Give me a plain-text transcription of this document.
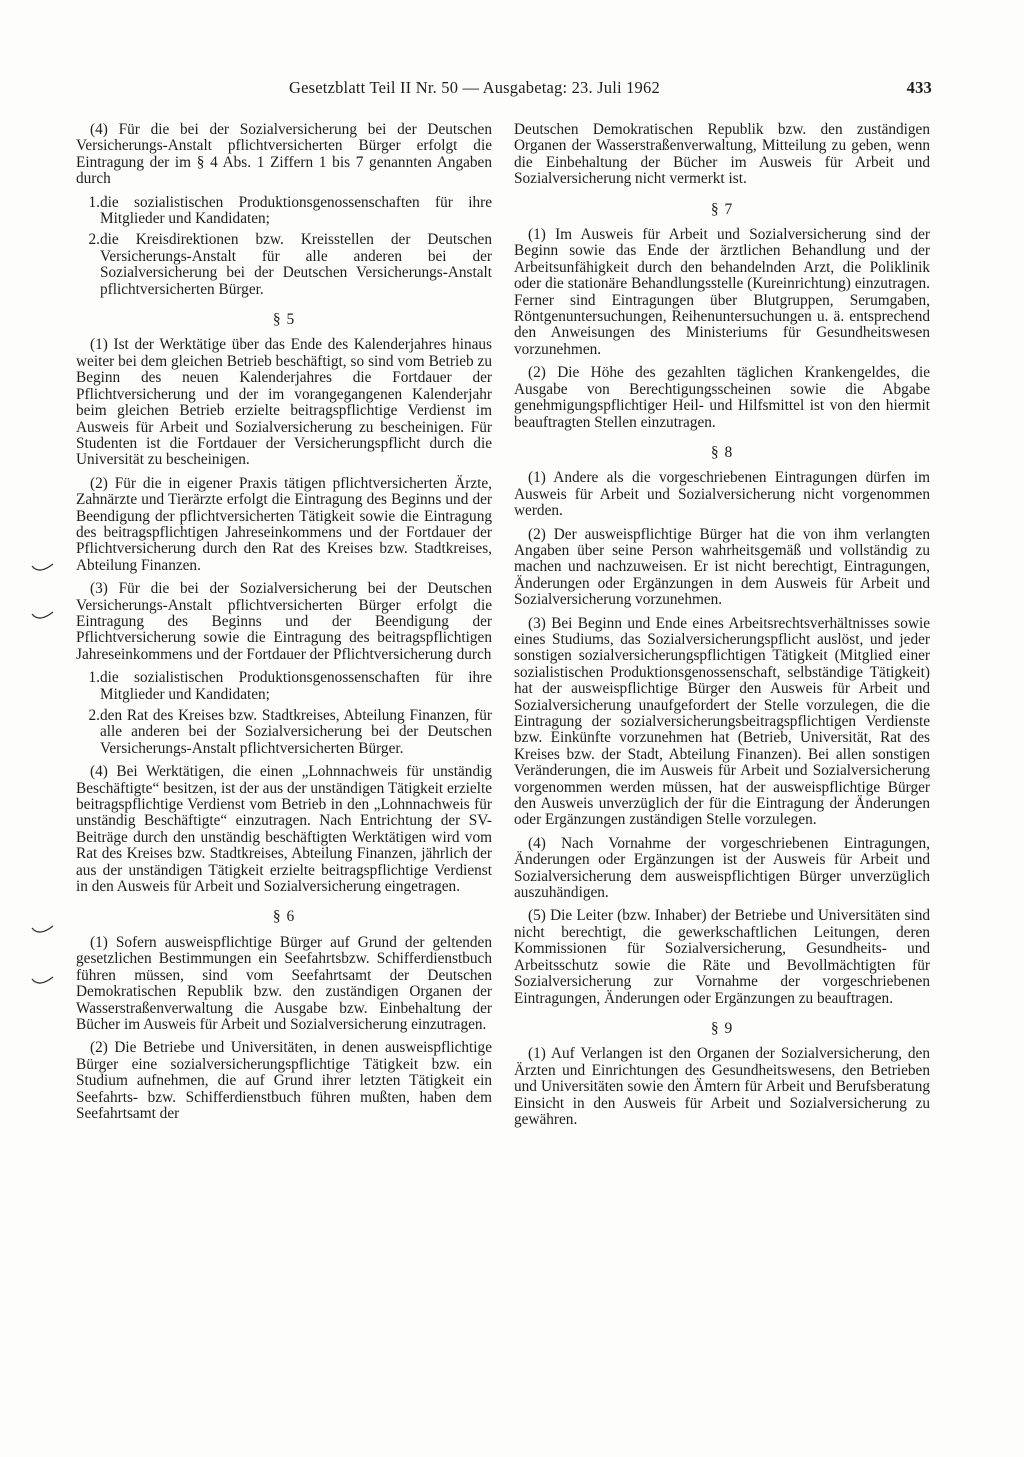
Gesetzblatt Teil II Nr. 50 — Ausgabetag: 23. Juli 1962	433

(4) Für die bei der Sozialversicherung bei der Deutschen Versicherungs-Anstalt pflichtversicherten Bürger erfolgt die Eintragung der im § 4 Abs. 1 Ziffern 1 bis 7 genannten Angaben durch

1. die sozialistischen Produktionsgenossenschaften für ihre Mitglieder und Kandidaten;
2. die Kreisdirektionen bzw. Kreisstellen der Deutschen Versicherungs-Anstalt für alle anderen bei der Sozialversicherung bei der Deutschen Versicherungs-Anstalt pflichtversicherten Bürger.
§ 5

(1) Ist der Werktätige über das Ende des Kalenderjahres hinaus weiter bei dem gleichen Betrieb beschäftigt, so sind vom Betrieb zu Beginn des neuen Kalenderjahres die Fortdauer der Pflichtversicherung und der im vorangegangenen Kalenderjahr beim gleichen Betrieb erzielte beitragspflichtige Verdienst im Ausweis für Arbeit und Sozialversicherung zu bescheinigen. Für Studenten ist die Fortdauer der Versicherungspflicht durch die Universität zu bescheinigen.

(2) Für die in eigener Praxis tätigen pflichtversicherten Ärzte, Zahnärzte und Tierärzte erfolgt die Eintragung des Beginns und der Beendigung der pflichtversicherten Tätigkeit sowie die Eintragung des beitragspflichtigen Jahreseinkommens und der Fortdauer der Pflichtversicherung durch den Rat des Kreises bzw. Stadtkreises, Abteilung Finanzen.

(3) Für die bei der Sozialversicherung bei der Deutschen Versicherungs-Anstalt pflichtversicherten Bürger erfolgt die Eintragung des Beginns und der Beendigung der Pflichtversicherung sowie die Eintragung des beitragspflichtigen Jahreseinkommens und der Fortdauer der Pflichtversicherung durch

1. die sozialistischen Produktionsgenossenschaften für ihre Mitglieder und Kandidaten;
2. den Rat des Kreises bzw. Stadtkreises, Abteilung Finanzen, für alle anderen bei der Sozialversicherung bei der Deutschen Versicherungs-Anstalt pflichtversicherten Bürger.

(4) Bei Werktätigen, die einen „Lohnnachweis für unständig Beschäftigte“ besitzen, ist der aus der unständigen Tätigkeit erzielte beitragspflichtige Verdienst vom Betrieb in den „Lohnnachweis für unständig Beschäftigte“ einzutragen. Nach Entrichtung der SV-Beiträge durch den unständig beschäftigten Werktätigen wird vom Rat des Kreises bzw. Stadtkreises, Abteilung Finanzen, jährlich der aus der unständigen Tätigkeit erzielte beitragspflichtige Verdienst in den Ausweis für Arbeit und Sozialversicherung eingetragen.

§ 6

(1) Sofern ausweispflichtige Bürger auf Grund der geltenden gesetzlichen Bestimmungen ein Seefahrtsbzw. Schifferdienstbuch führen müssen, sind vom Seefahrtsamt der Deutschen Demokratischen Republik bzw. den zuständigen Organen der Wasserstraßenverwaltung die Ausgabe bzw. Einbehaltung der Bücher im Ausweis für Arbeit und Sozialversicherung einzutragen.

(2) Die Betriebe und Universitäten, in denen ausweispflichtige Bürger eine sozialversicherungspflichtige Tätigkeit bzw. ein Studium aufnehmen, die auf Grund ihrer letzten Tätigkeit ein Seefahrts- bzw. Schifferdienstbuch führen mußten, haben dem Seefahrtsamt der

Deutschen Demokratischen Republik bzw. den zuständigen Organen der Wasserstraßenverwaltung, Mitteilung zu geben, wenn die Einbehaltung der Bücher im Ausweis für Arbeit und Sozialversicherung nicht vermerkt ist.

§ 7

(1) Im Ausweis für Arbeit und Sozialversicherung sind der Beginn sowie das Ende der ärztlichen Behandlung und der Arbeitsunfähigkeit durch den behandelnden Arzt, die Poliklinik oder die stationäre Behandlungsstelle (Kureinrichtung) einzutragen. Ferner sind Eintragungen über Blutgruppen, Serumgaben, Röntgenuntersuchungen, Reihenuntersuchungen u. ä. entsprechend den Anweisungen des Ministeriums für Gesundheitswesen vorzunehmen.

(2) Die Höhe des gezahlten täglichen Krankengeldes, die Ausgabe von Berechtigungsscheinen sowie die Abgabe genehmigungspflichtiger Heil- und Hilfsmittel ist von den hiermit beauftragten Stellen einzutragen.

§ 8

(1) Andere als die vorgeschriebenen Eintragungen dürfen im Ausweis für Arbeit und Sozialversicherung nicht vorgenommen werden.

(2) Der ausweispflichtige Bürger hat die von ihm verlangten Angaben über seine Person wahrheitsgemäß und vollständig zu machen und nachzuweisen. Er ist nicht berechtigt, Eintragungen, Änderungen oder Ergänzungen in dem Ausweis für Arbeit und Sozialversicherung vorzunehmen.

(3) Bei Beginn und Ende eines Arbeitsrechtsverhältnisses sowie eines Studiums, das Sozialversicherungspflicht auslöst, und jeder sonstigen sozialversicherungspflichtigen Tätigkeit (Mitglied einer sozialistischen Produktionsgenossenschaft, selbständige Tätigkeit) hat der ausweispflichtige Bürger den Ausweis für Arbeit und Sozialversicherung unaufgefordert der Stelle vorzulegen, die die Eintragung der sozialversicherungsbeitragspflichtigen Verdienste bzw. Einkünfte vorzunehmen hat (Betrieb, Universität, Rat des Kreises bzw. der Stadt, Abteilung Finanzen). Bei allen sonstigen Veränderungen, die im Ausweis für Arbeit und Sozialversicherung vorgenommen werden müssen, hat der ausweispflichtige Bürger den Ausweis unverzüglich der für die Eintragung der Änderungen oder Ergänzungen zuständigen Stelle vorzulegen.

(4) Nach Vornahme der vorgeschriebenen Eintragungen, Änderungen oder Ergänzungen ist der Ausweis für Arbeit und Sozialversicherung dem ausweispflichtigen Bürger unverzüglich auszuhändigen.

(5) Die Leiter (bzw. Inhaber) der Betriebe und Universitäten sind nicht berechtigt, die gewerkschaftlichen Leitungen, deren Kommissionen für Sozialversicherung, Gesundheits- und Arbeitsschutz sowie die Räte und Bevollmächtigten für Sozialversicherung zur Vornahme der vorgeschriebenen Eintragungen, Änderungen oder Ergänzungen zu beauftragen.

§ 9

(1) Auf Verlangen ist den Organen der Sozialversicherung, den Ärzten und Einrichtungen des Gesundheitswesens, den Betrieben und Universitäten sowie den Ämtern für Arbeit und Berufsberatung Einsicht in den Ausweis für Arbeit und Sozialversicherung zu gewähren.
